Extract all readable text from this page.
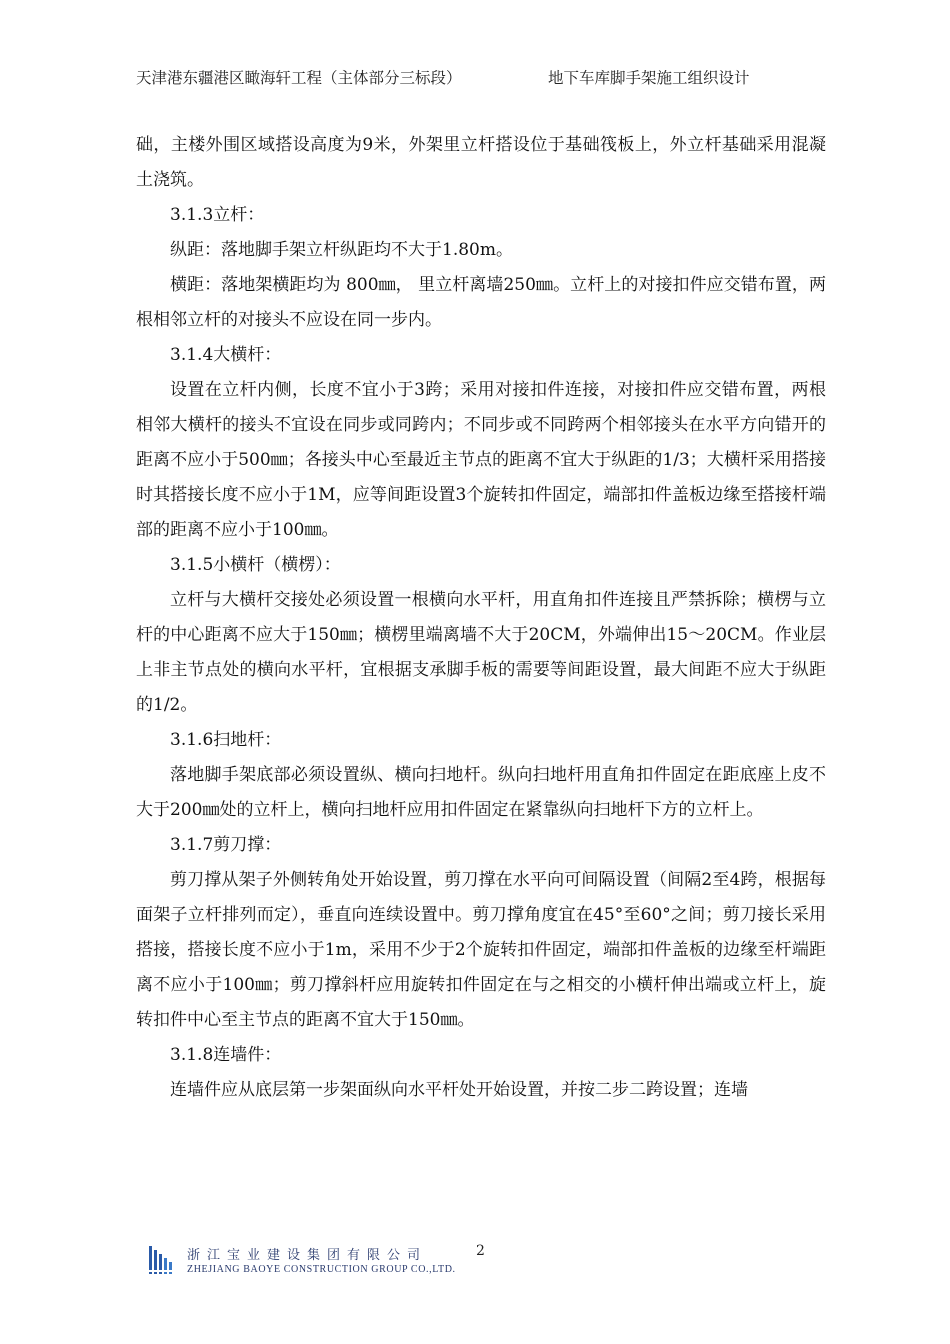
天津港东疆港区瞰海轩工程（主体部分三标段）	地下车库脚手架施工组织设计

础，主楼外围区域搭设高度为9米，外架里立杆搭设位于基础筏板上，外立杆基础采用混凝土浇筑。

3.1.3立杆：

纵距：落地脚手架立杆纵距均不大于1.80m。

横距：落地架横距均为 800㎜， 里立杆离墙250㎜。立杆上的对接扣件应交错布置，两根相邻立杆的对接头不应设在同一步内。

3.1.4大横杆：

设置在立杆内侧，长度不宜小于3跨；采用对接扣件连接，对接扣件应交错布置，两根相邻大横杆的接头不宜设在同步或同跨内；不同步或不同跨两个相邻接头在水平方向错开的距离不应小于500㎜；各接头中心至最近主节点的距离不宜大于纵距的1/3；大横杆采用搭接时其搭接长度不应小于1M，应等间距设置3个旋转扣件固定，端部扣件盖板边缘至搭接杆端部的距离不应小于100㎜。

3.1.5小横杆（横楞）：

立杆与大横杆交接处必须设置一根横向水平杆，用直角扣件连接且严禁拆除；横楞与立杆的中心距离不应大于150㎜；横楞里端离墙不大于20CM，外端伸出15～20CM。作业层上非主节点处的横向水平杆，宜根据支承脚手板的需要等间距设置，最大间距不应大于纵距的1/2。

3.1.6扫地杆：

落地脚手架底部必须设置纵、横向扫地杆。纵向扫地杆用直角扣件固定在距底座上皮不大于200㎜处的立杆上，横向扫地杆应用扣件固定在紧靠纵向扫地杆下方的立杆上。

3.1.7剪刀撑：

剪刀撑从架子外侧转角处开始设置，剪刀撑在水平向可间隔设置（间隔2至4跨，根据每面架子立杆排列而定），垂直向连续设置中。剪刀撑角度宜在45°至60°之间；剪刀接长采用搭接，搭接长度不应小于1m，采用不少于2个旋转扣件固定，端部扣件盖板的边缘至杆端距离不应小于100㎜；剪刀撑斜杆应用旋转扣件固定在与之相交的小横杆伸出端或立杆上，旋转扣件中心至主节点的距离不宜大于150㎜。

3.1.8连墙件：

连墙件应从底层第一步架面纵向水平杆处开始设置，并按二步二跨设置；连墙

浙江宝业建设集团有限公司
ZHEJIANG BAOYE CONSTRUCTION GROUP CO.,LTD.
2
